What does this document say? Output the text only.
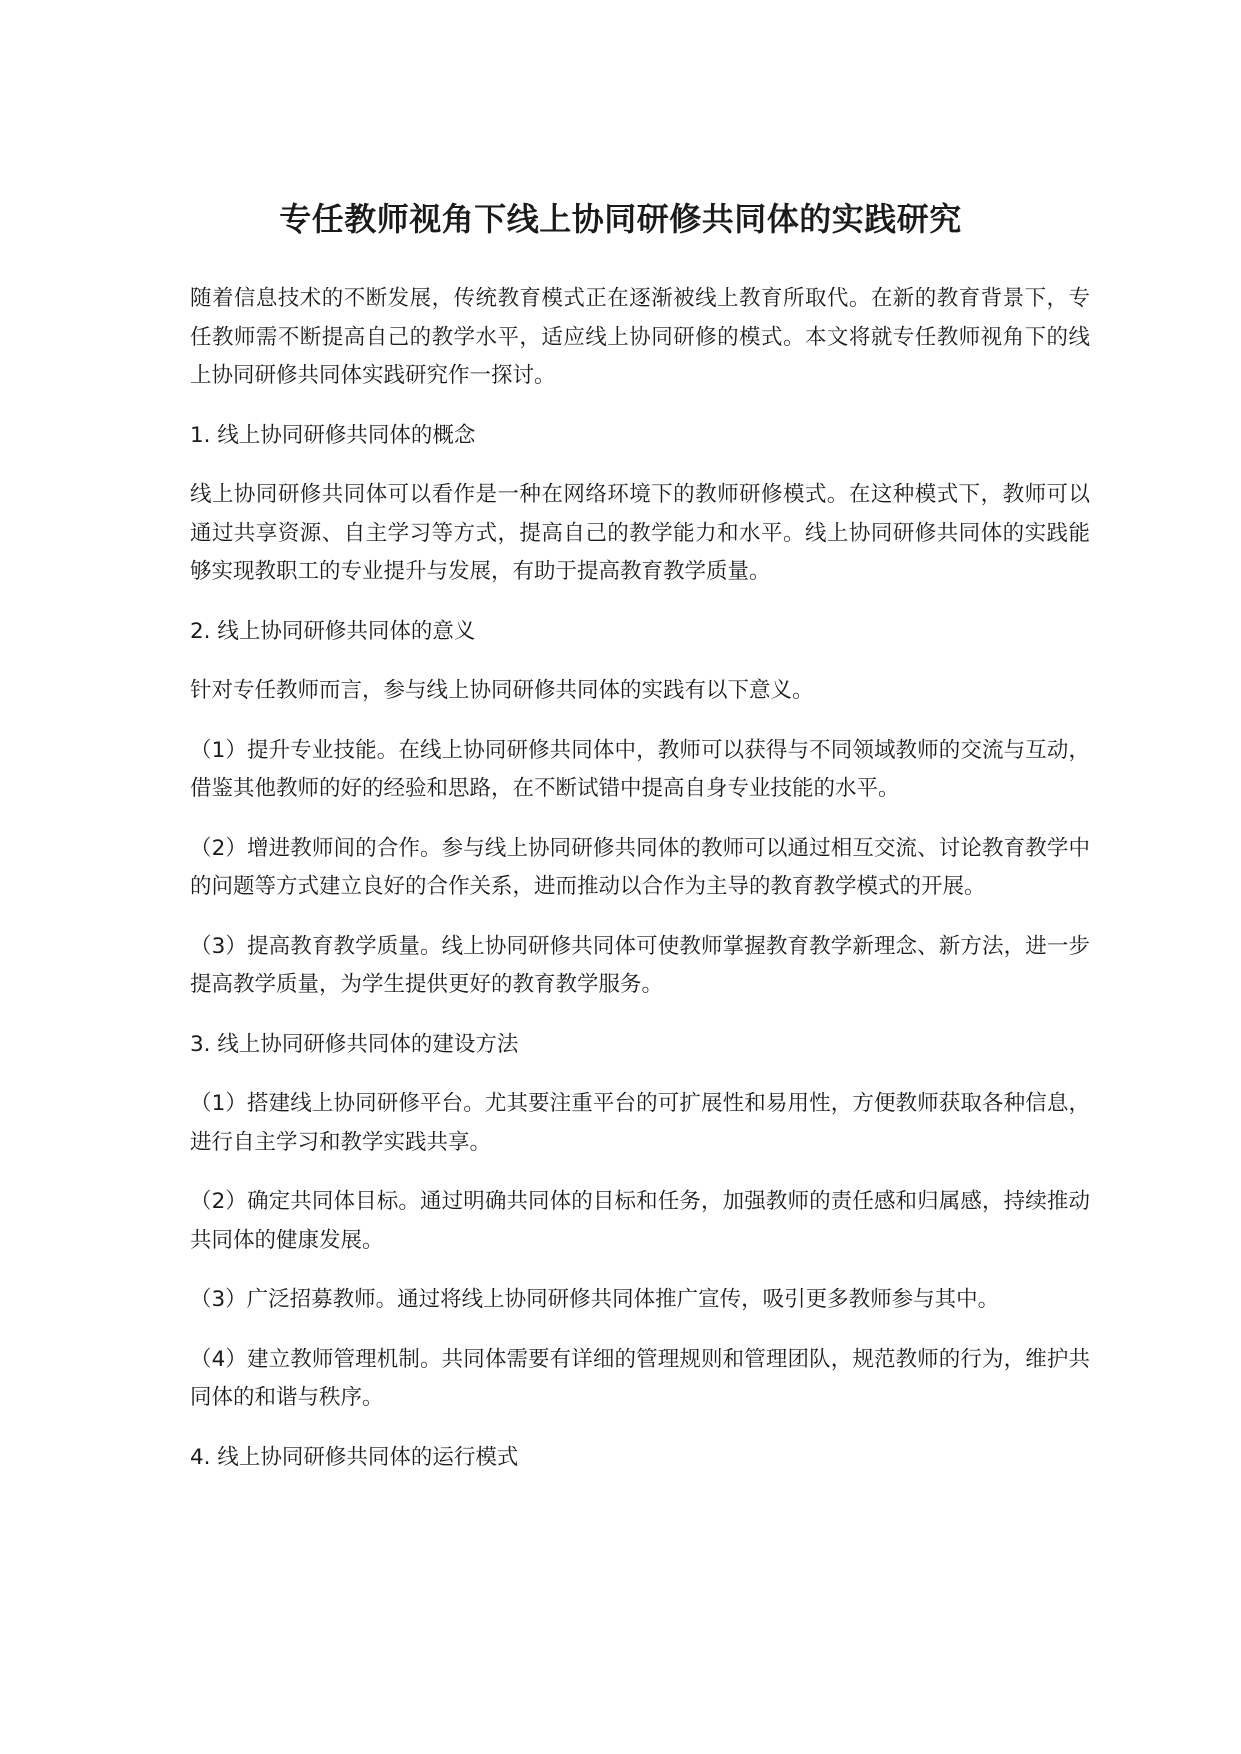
专任教师视角下线上协同研修共同体的实践研究

随着信息技术的不断发展，传统教育模式正在逐渐被线上教育所取代。在新的教育背景下，专任教师需不断提高自己的教学水平，适应线上协同研修的模式。本文将就专任教师视角下的线上协同研修共同体实践研究作一探讨。

1. 线上协同研修共同体的概念

线上协同研修共同体可以看作是一种在网络环境下的教师研修模式。在这种模式下，教师可以通过共享资源、自主学习等方式，提高自己的教学能力和水平。线上协同研修共同体的实践能够实现教职工的专业提升与发展，有助于提高教育教学质量。

2. 线上协同研修共同体的意义

针对专任教师而言，参与线上协同研修共同体的实践有以下意义。

（1）提升专业技能。在线上协同研修共同体中，教师可以获得与不同领域教师的交流与互动，借鉴其他教师的好的经验和思路，在不断试错中提高自身专业技能的水平。

（2）增进教师间的合作。参与线上协同研修共同体的教师可以通过相互交流、讨论教育教学中的问题等方式建立良好的合作关系，进而推动以合作为主导的教育教学模式的开展。

（3）提高教育教学质量。线上协同研修共同体可使教师掌握教育教学新理念、新方法，进一步提高教学质量，为学生提供更好的教育教学服务。

3. 线上协同研修共同体的建设方法

（1）搭建线上协同研修平台。尤其要注重平台的可扩展性和易用性，方便教师获取各种信息，进行自主学习和教学实践共享。

（2）确定共同体目标。通过明确共同体的目标和任务，加强教师的责任感和归属感，持续推动共同体的健康发展。

（3）广泛招募教师。通过将线上协同研修共同体推广宣传，吸引更多教师参与其中。

（4）建立教师管理机制。共同体需要有详细的管理规则和管理团队，规范教师的行为，维护共同体的和谐与秩序。

4. 线上协同研修共同体的运行模式
